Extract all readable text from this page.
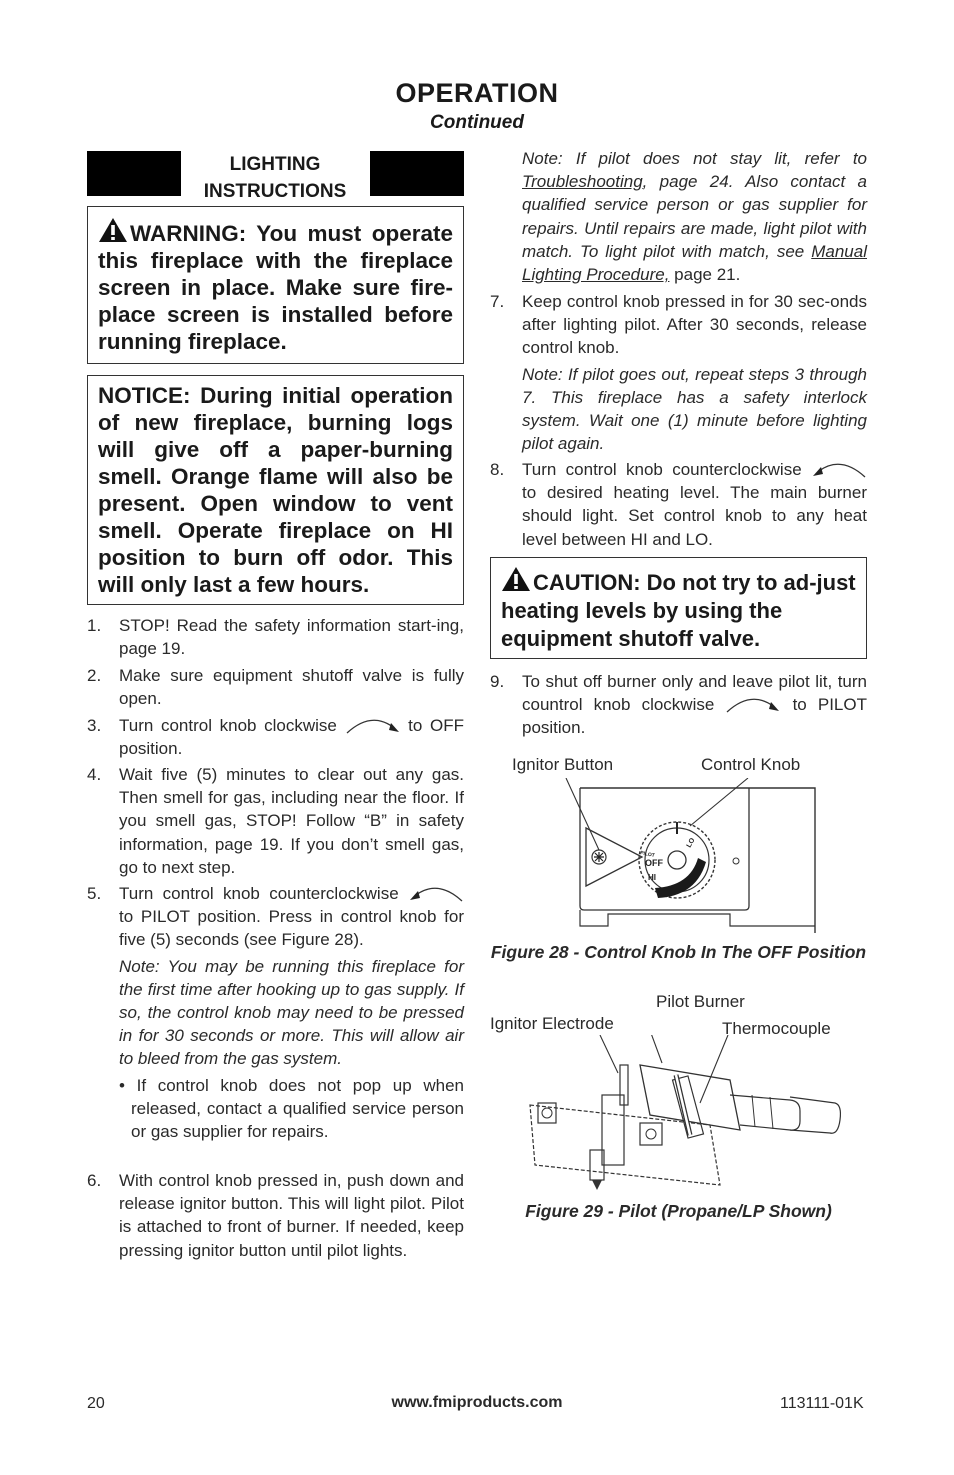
OPERATION
Continued
LIGHTING
INSTRUCTIONS
WARNING: You must operate this fireplace with the fireplace screen in place. Make sure fire-place screen is installed before running fireplace.
NOTICE: During initial operation of new fireplace, burning logs will give off a paper-burning smell. Orange flame will also be present. Open window to vent smell. Operate fireplace on HI position to burn off odor. This will only last a few hours.
1. STOP! Read the safety information start-ing, page 19.
2. Make sure equipment shutoff valve is fully open.
3. Turn control knob clockwise	to OFF position.
4. Wait five (5) minutes to clear out any gas. Then smell for gas, including near the floor. If you smell gas, STOP! Follow “B” in safety information, page 19. If you don’t smell gas, go to next step.
5. Turn control knob counterclockwise  to PILOT position. Press in control knob for five (5) seconds (see Figure 28).
Note: You may be running this fireplace for the first time after hooking up to gas supply. If so, the control knob may need to be pressed in for 30 seconds or more. This will allow air to bleed from the gas system.
• If control knob does not pop up when released, contact a qualified service person or gas supplier for repairs.
6. With control knob pressed in, push down and release ignitor button. This will light pilot. Pilot is attached to front of burner. If needed, keep pressing ignitor button until pilot lights.
Note: If pilot does not stay lit, refer to Troubleshooting, page 24. Also contact a qualified service person or gas supplier for repairs. Until repairs are made, light pilot with match. To light pilot with match, see Manual Lighting Procedure, page 21.
7. Keep control knob pressed in for 30 sec-onds after lighting pilot. After 30 seconds, release control knob.
Note: If pilot goes out, repeat steps 3 through 7. This fireplace has a safety interlock system. Wait one (1) minute before lighting pilot again.
8. Turn control knob counterclockwise  to desired heating level. The main burner should light. Set control knob to any heat level between HI and LO.
CAUTION: Do not try to ad-just heating levels by using the equipment shutoff valve.
9. To shut off burner only and leave pilot lit, turn countrol knob clockwise	to PILOT position.
Ignitor Button	Control Knob
OFF
HI
PILOT
LO
Figure 28 - Control Knob In The OFF Position
Pilot Burner
Ignitor Electrode	Thermocouple
Figure 29 - Pilot (Propane/LP Shown)
20	www.fmiproducts.com	113111-01K
